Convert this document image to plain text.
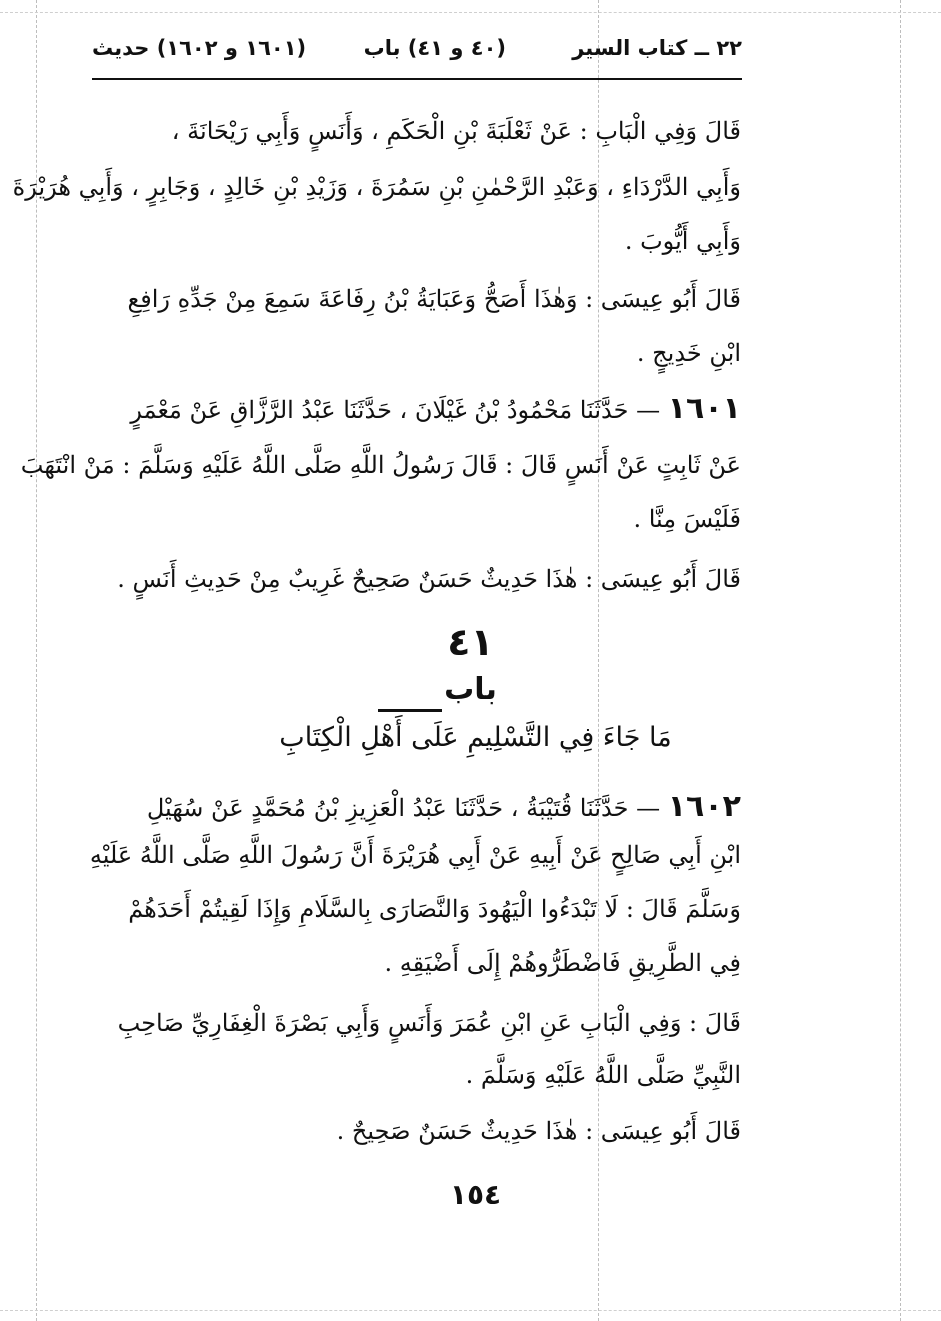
٢٢ ــ كتاب السير
(٤٠ و ٤١) باب
(١٦٠١ و ١٦٠٢) حديث
قَالَ وَفِي الْبَابِ : عَنْ ثَعْلَبَةَ بْنِ الْحَكَمِ ، وَأَنَسٍ وَأَبِي رَيْحَانَةَ ،
وَأَبِي الدَّرْدَاءِ ، وَعَبْدِ الرَّحْمٰنِ بْنِ سَمُرَةَ ، وَزَيْدِ بْنِ خَالِدٍ ، وَجَابِرٍ ، وَأَبِي هُرَيْرَةَ
وَأَبِي أَيُّوبَ .
قَالَ أَبُو عِيسَى : وَهٰذَا أَصَحُّ وَعَبَايَةُ بْنُ رِفَاعَةَ سَمِعَ مِنْ جَدِّهِ رَافِعِ
ابْنِ خَدِيجٍ .
١٦٠١ — حَدَّثَنَا مَحْمُودُ بْنُ غَيْلَانَ ، حَدَّثَنَا عَبْدُ الرَّزَّاقِ عَنْ مَعْمَرٍ
عَنْ ثَابِتٍ عَنْ أَنَسٍ قَالَ : قَالَ رَسُولُ اللَّهِ صَلَّى اللَّهُ عَلَيْهِ وَسَلَّمَ : مَنْ انْتَهَبَ
فَلَيْسَ مِنَّا .
قَالَ أَبُو عِيسَى : هٰذَا حَدِيثٌ حَسَنٌ صَحِيحٌ غَرِيبٌ مِنْ حَدِيثِ أَنَسٍ .
٤١
باب
مَا جَاءَ فِي التَّسْلِيمِ عَلَى أَهْلِ الْكِتَابِ
١٦٠٢ — حَدَّثَنَا قُتَيْبَةُ ، حَدَّثَنَا عَبْدُ الْعَزِيزِ بْنُ مُحَمَّدٍ عَنْ سُهَيْلِ
ابْنِ أَبِي صَالِحٍ عَنْ أَبِيهِ عَنْ أَبِي هُرَيْرَةَ أَنَّ رَسُولَ اللَّهِ صَلَّى اللَّهُ عَلَيْهِ
وَسَلَّمَ قَالَ : لَا تَبْدَءُوا الْيَهُودَ وَالنَّصَارَى بِالسَّلَامِ وَإِذَا لَقِيتُمْ أَحَدَهُمْ
فِي الطَّرِيقِ فَاضْطَرُّوهُمْ إِلَى أَضْيَقِهِ .
قَالَ : وَفِي الْبَابِ عَنِ ابْنِ عُمَرَ وَأَنَسٍ وَأَبِي بَصْرَةَ الْغِفَارِيِّ صَاحِبِ
النَّبِيِّ صَلَّى اللَّهُ عَلَيْهِ وَسَلَّمَ .
قَالَ أَبُو عِيسَى : هٰذَا حَدِيثٌ حَسَنٌ صَحِيحٌ .
١٥٤
